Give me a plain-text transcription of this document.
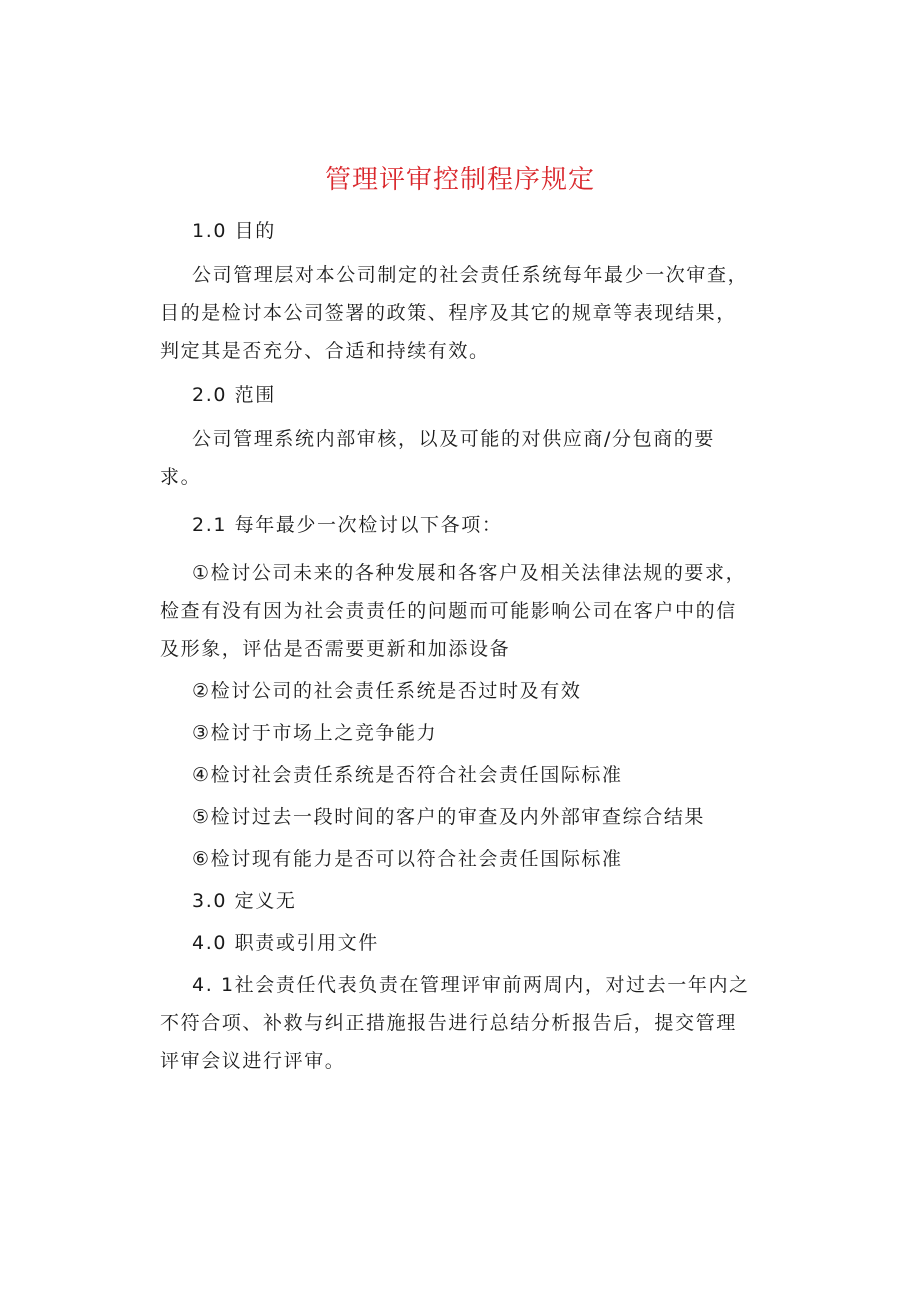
管理评审控制程序规定

1.0 目的

公司管理层对本公司制定的社会责任系统每年最少一次审查，目的是检讨本公司签署的政策、程序及其它的规章等表现结果，判定其是否充分、合适和持续有效。

2.0 范围

公司管理系统内部审核，以及可能的对供应商/分包商的要求。

2.1 每年最少一次检讨以下各项：

①检讨公司未来的各种发展和各客户及相关法律法规的要求，检查有没有因为社会责责任的问题而可能影响公司在客户中的信及形象，评估是否需要更新和加添设备

②检讨公司的社会责任系统是否过时及有效

③检讨于市场上之竞争能力

④检讨社会责任系统是否符合社会责任国际标准

⑤检讨过去一段时间的客户的审查及内外部审查综合结果

⑥检讨现有能力是否可以符合社会责任国际标准

3.0 定义无

4.0 职责或引用文件

4. 1社会责任代表负责在管理评审前两周内，对过去一年内之不符合项、补救与纠正措施报告进行总结分析报告后，提交管理评审会议进行评审。
